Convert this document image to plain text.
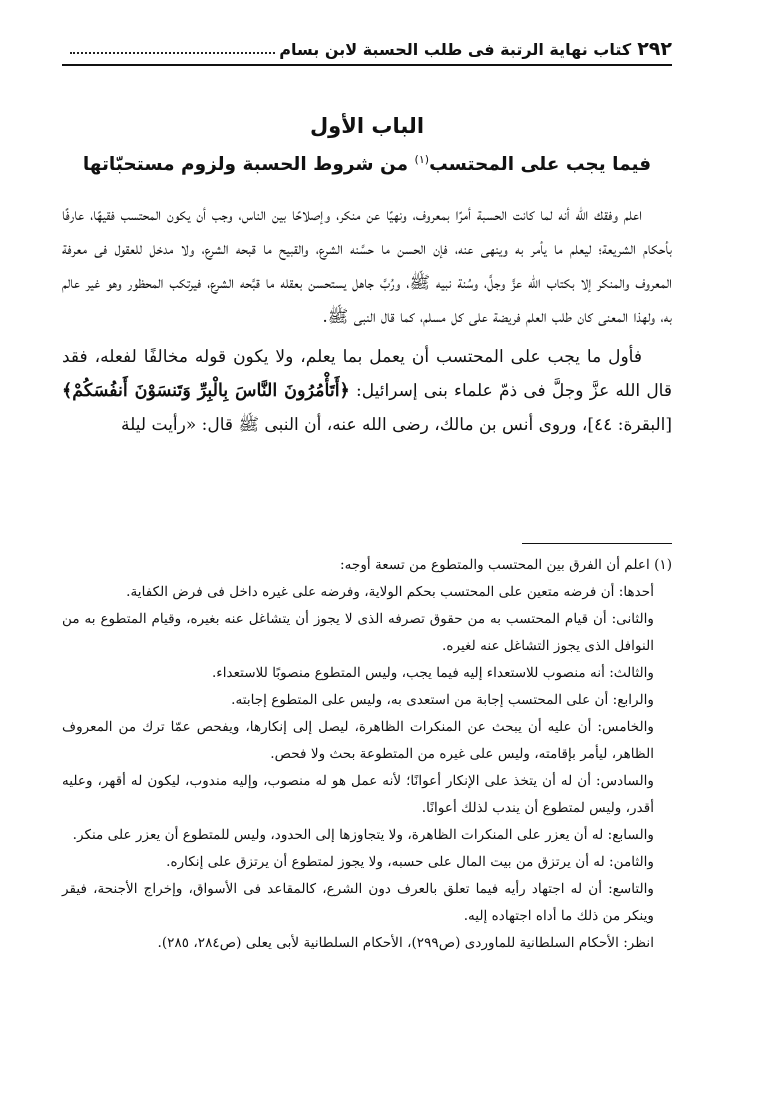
٢٩٢
كتاب نهاية الرتبة فى طلب الحسبة لابن بسام
الباب الأول
فيما يجب على المحتسب$^{(١)}$ من شروط الحسبة ولزوم مستحبّاتها

اعلم وفقك الله أنه لما كانت الحسبة أمرًا بمعروف، ونهيًا عن منكر، وإصلاحًا بين الناس، وجب أن يكون المحتسب فقيهًا، عارفًا بأحكام الشريعة؛ ليعلم ما يأمر به وينهى عنه، فإن الحسن ما حسَّنه الشرع، والقبيح ما قبحه الشرع، ولا مدخل للعقول فى معرفة المعروف والمنكر إلا بكتاب الله عزَّ وجلَّ، وسُنة نبيه ﷺ، ورُبَّ جاهل يستحسن بعقله ما قبَّحه الشرع، فيرتكب المحظور وهو غير عالم به، ولهذا المعنى كان طلب العلم فريضة على كل مسلم، كما قال النبى ﷺ.

فأول ما يجب على المحتسب أن يعمل بما يعلم، ولا يكون قوله مخالفًا لفعله، فقد قال الله عزَّ وجلَّ فى ذمّ علماء بنى إسرائيل: ﴿أَتَأْمُرُونَ النَّاسَ بِالْبِرِّ وَتَنسَوْنَ أَنفُسَكُمْ﴾ [البقرة: ٤٤]، وروى أنس بن مالك، رضى الله عنه، أن النبى ﷺ قال: «رأيت ليلة

(١) اعلم أن الفرق بين المحتسب والمتطوع من تسعة أوجه:
أحدها: أن فرضه متعين على المحتسب بحكم الولاية، وفرضه على غيره داخل فى فرض الكفاية.
والثانى: أن قيام المحتسب به من حقوق تصرفه الذى لا يجوز أن يتشاغل عنه بغيره، وقيام المتطوع به من النوافل الذى يجوز التشاغل عنه لغيره.
والثالث: أنه منصوب للاستعداء إليه فيما يجب، وليس المتطوع منصوبًا للاستعداء.
والرابع: أن على المحتسب إجابة من استعدى به، وليس على المتطوع إجابته.
والخامس: أن عليه أن يبحث عن المنكرات الظاهرة، ليصل إلى إنكارها، ويفحص عمّا ترك من المعروف الظاهر، ليأمر بإقامته، وليس على غيره من المتطوعة بحث ولا فحص.
والسادس: أن له أن يتخذ على الإنكار أعوانًا؛ لأنه عمل هو له منصوب، وإليه مندوب، ليكون له أقهر، وعليه أقدر، وليس لمتطوع أن يندب لذلك أعوانًا.
والسابع: له أن يعزر على المنكرات الظاهرة، ولا يتجاوزها إلى الحدود، وليس للمتطوع أن يعزر على منكر.
والثامن: له أن يرتزق من بيت المال على حسبه، ولا يجوز لمتطوع أن يرتزق على إنكاره.
والتاسع: أن له اجتهاد رأيه فيما تعلق بالعرف دون الشرع، كالمقاعد فى الأسواق، وإخراج الأجنحة، فيقر وينكر من ذلك ما أداه اجتهاده إليه.
انظر: الأحكام السلطانية للماوردى (ص٢٩٩)، الأحكام السلطانية لأبى يعلى (ص٢٨٤، ٢٨٥).
